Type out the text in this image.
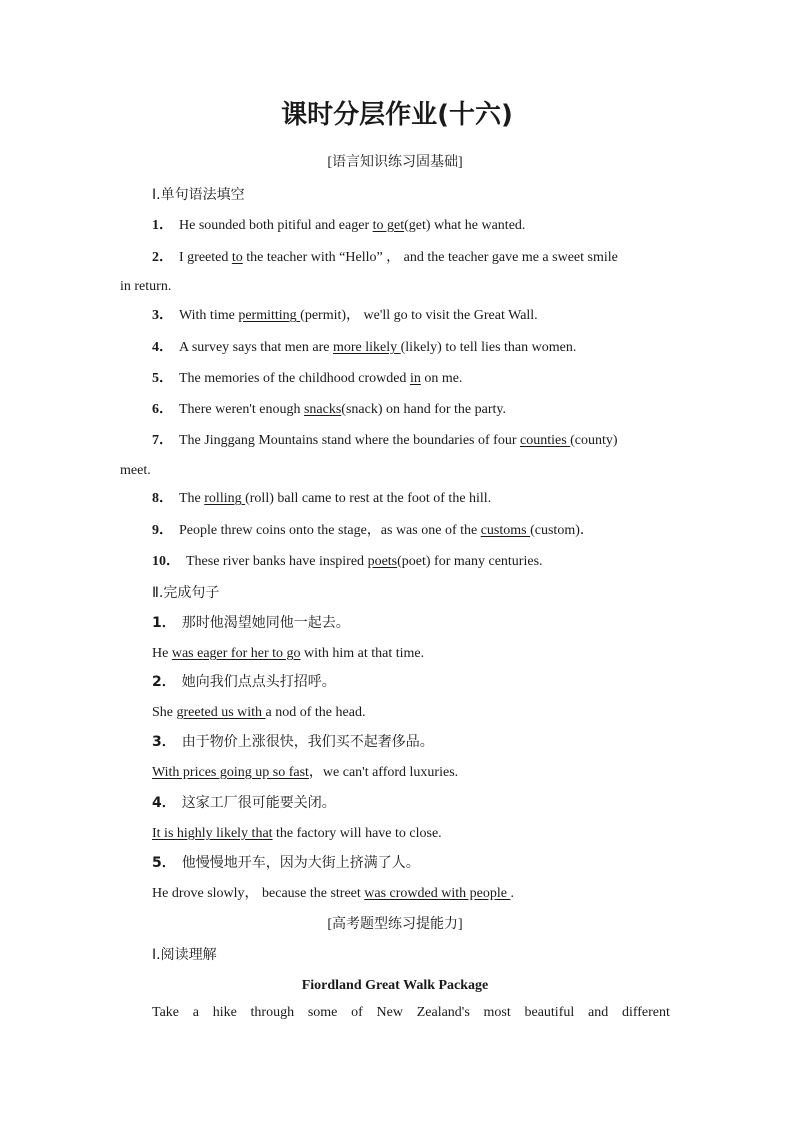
课时分层作业(十六)
[语言知识练习固基础]
Ⅰ.单句语法填空
1． He sounded both pitiful and eager to get(get) what he wanted.
2． I greeted to the teacher with “Hello” ， and the teacher gave me a sweet smile
in return.
3． With time permitting (permit)， we'll go to visit the Great Wall.
4． A survey says that men are more likely (likely) to tell lies than women.
5． The memories of the childhood crowded in on me.
6． There weren't enough snacks(snack) on hand for the party.
7． The Jinggang Mountains stand where the boundaries of four counties (county)
meet.
8． The rolling (roll) ball came to rest at the foot of the hill.
9． People threw coins onto the stage，as was one of the customs (custom)．
10． These river banks have inspired poets(poet) for many centuries.
Ⅱ.完成句子
1． 那时他渴望她同他一起去。
He was eager for her to go with him at that time.
2． 她向我们点点头打招呼。
She greeted us with a nod of the head.
3． 由于物价上涨很快，我们买不起奢侈品。
With prices going up so fast，we can't afford luxuries.
4． 这家工厂很可能要关闭。
It is highly likely that the factory will have to close.
5． 他慢慢地开车，因为大街上挤满了人。
He drove slowly， because the street was crowded with people .
[高考题型练习提能力]
Ⅰ.阅读理解
Fiordland Great Walk Package
Take a hike through some of New Zealand's most beautiful and different
